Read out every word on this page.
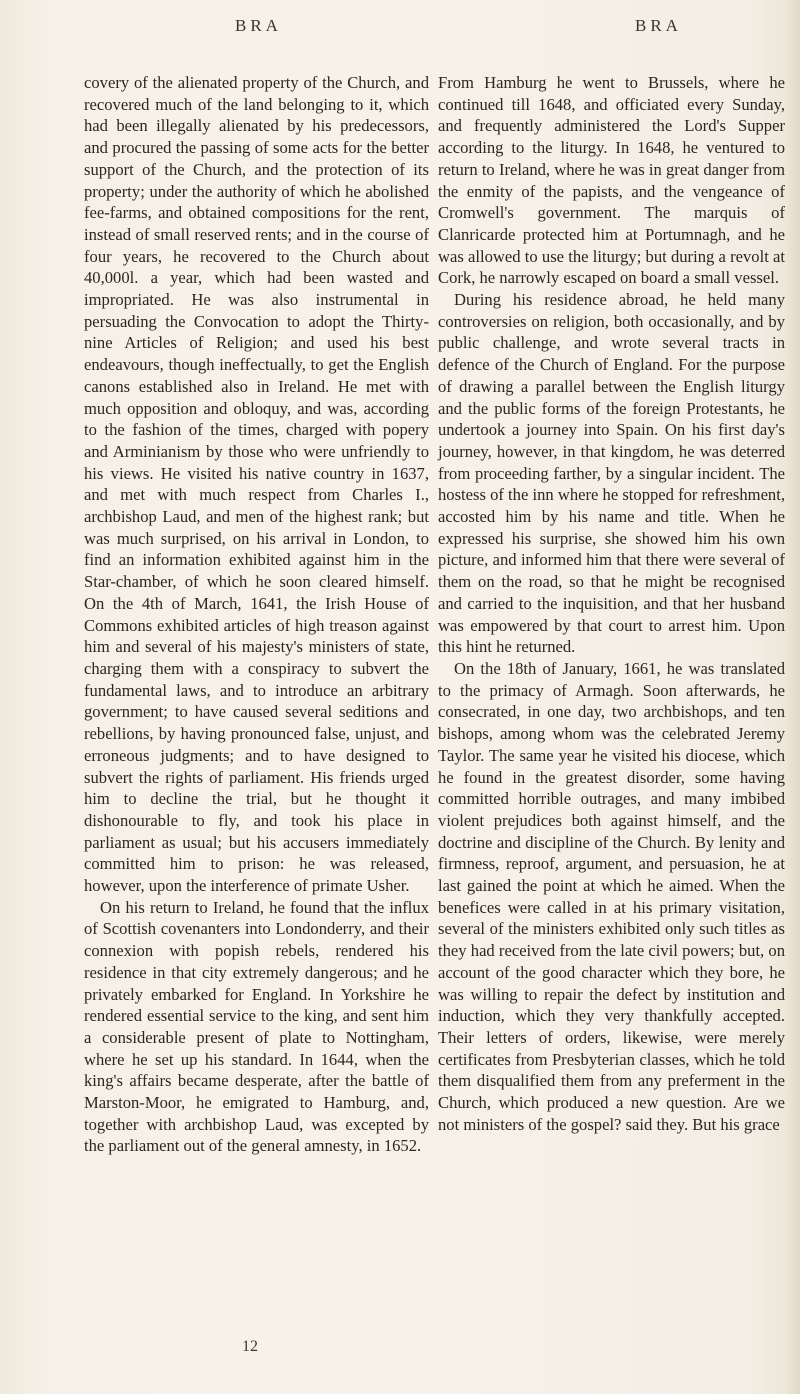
BRA	BRA

covery of the alienated property of the Church, and recovered much of the land belonging to it, which had been illegally alienated by his predecessors, and procured the passing of some acts for the better support of the Church, and the protection of its property; under the authority of which he abolished fee-farms, and obtained compositions for the rent, instead of small reserved rents; and in the course of four years, he recovered to the Church about 40,000l. a year, which had been wasted and impropriated. He was also instrumental in persuading the Convocation to adopt the Thirty-nine Articles of Religion; and used his best endeavours, though ineffectually, to get the English canons established also in Ireland. He met with much opposition and obloquy, and was, according to the fashion of the times, charged with popery and Arminianism by those who were unfriendly to his views. He visited his native country in 1637, and met with much respect from Charles I., archbishop Laud, and men of the highest rank; but was much surprised, on his arrival in London, to find an information exhibited against him in the Star-chamber, of which he soon cleared himself. On the 4th of March, 1641, the Irish House of Commons exhibited articles of high treason against him and several of his majesty's ministers of state, charging them with a conspiracy to subvert the fundamental laws, and to introduce an arbitrary government; to have caused several seditions and rebellions, by having pronounced false, unjust, and erroneous judgments; and to have designed to subvert the rights of parliament. His friends urged him to decline the trial, but he thought it dishonourable to fly, and took his place in parliament as usual; but his accusers immediately committed him to prison: he was released, however, upon the interference of primate Usher.

On his return to Ireland, he found that the influx of Scottish covenanters into Londonderry, and their connexion with popish rebels, rendered his residence in that city extremely dangerous; and he privately embarked for England. In Yorkshire he rendered essential service to the king, and sent him a considerable present of plate to Nottingham, where he set up his standard. In 1644, when the king's affairs became desperate, after the battle of Marston-Moor, he emigrated to Hamburg, and, together with archbishop Laud, was excepted by the parliament out of the general amnesty, in 1652.

From Hamburg he went to Brussels, where he continued till 1648, and officiated every Sunday, and frequently administered the Lord's Supper according to the liturgy. In 1648, he ventured to return to Ireland, where he was in great danger from the enmity of the papists, and the vengeance of Cromwell's government. The marquis of Clanricarde protected him at Portumnagh, and he was allowed to use the liturgy; but during a revolt at Cork, he narrowly escaped on board a small vessel.

During his residence abroad, he held many controversies on religion, both occasionally, and by public challenge, and wrote several tracts in defence of the Church of England. For the purpose of drawing a parallel between the English liturgy and the public forms of the foreign Protestants, he undertook a journey into Spain. On his first day's journey, however, in that kingdom, he was deterred from proceeding farther, by a singular incident. The hostess of the inn where he stopped for refreshment, accosted him by his name and title. When he expressed his surprise, she showed him his own picture, and informed him that there were several of them on the road, so that he might be recognised and carried to the inquisition, and that her husband was empowered by that court to arrest him. Upon this hint he returned.

On the 18th of January, 1661, he was translated to the primacy of Armagh. Soon afterwards, he consecrated, in one day, two archbishops, and ten bishops, among whom was the celebrated Jeremy Taylor. The same year he visited his diocese, which he found in the greatest disorder, some having committed horrible outrages, and many imbibed violent prejudices both against himself, and the doctrine and discipline of the Church. By lenity and firmness, reproof, argument, and persuasion, he at last gained the point at which he aimed. When the benefices were called in at his primary visitation, several of the ministers exhibited only such titles as they had received from the late civil powers; but, on account of the good character which they bore, he was willing to repair the defect by institution and induction, which they very thankfully accepted. Their letters of orders, likewise, were merely certificates from Presbyterian classes, which he told them disqualified them from any preferment in the Church, which produced a new question. Are we not ministers of the gospel? said they. But his grace

12
